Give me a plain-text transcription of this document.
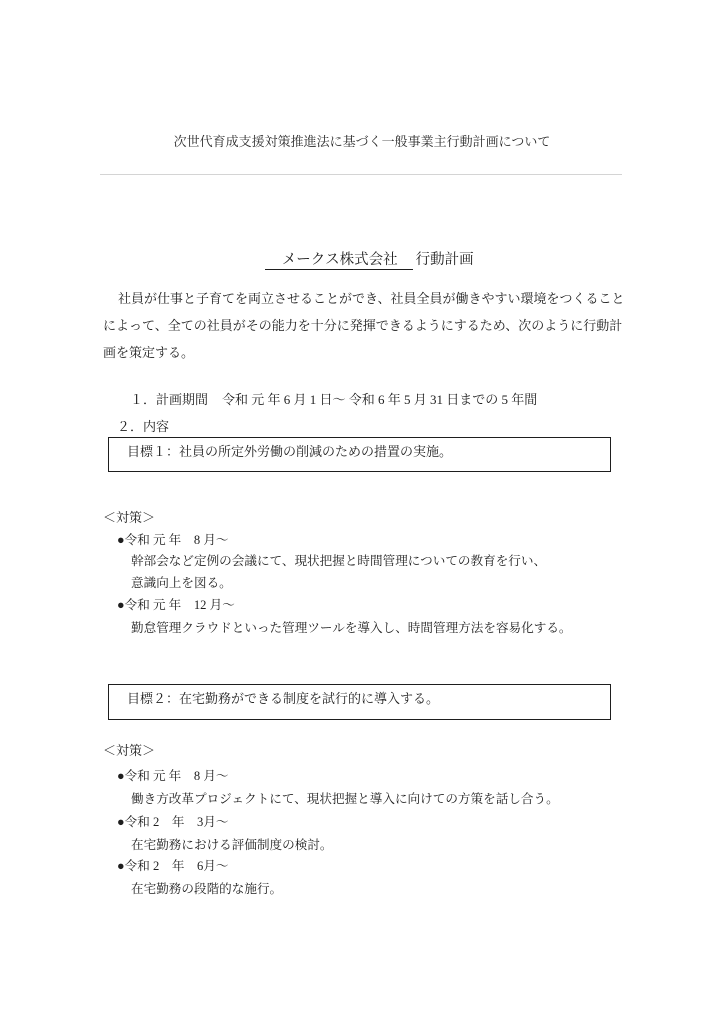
次世代育成支援対策推進法に基づく一般事業主行動計画について

メークス株式会社 行動計画

社員が仕事と子育てを両立させることができ、社員全員が働きやすい環境をつくること
によって、全ての社員がその能力を十分に発揮できるようにするため、次のように行動計
画を策定する。

１．計画期間 令和 元 年 6 月 1 日～ 令和 6 年 5 月 31 日までの 5 年間

２．内容
目標１：社員の所定外労働の削減のための措置の実施。
＜対策＞
●令和 元 年　8 月～
幹部会など定例の会議にて、現状把握と時間管理についての教育を行い、
意識向上を図る。
●令和 元 年　12 月～
勤怠管理クラウドといった管理ツールを導入し、時間管理方法を容易化する。
目標２：在宅勤務ができる制度を試行的に導入する。
＜対策＞
●令和 元 年　8 月～
働き方改革プロジェクトにて、現状把握と導入に向けての方策を話し合う。
●令和 2　年　3月～
在宅勤務における評価制度の検討。
●令和 2　年　6月～
在宅勤務の段階的な施行。
